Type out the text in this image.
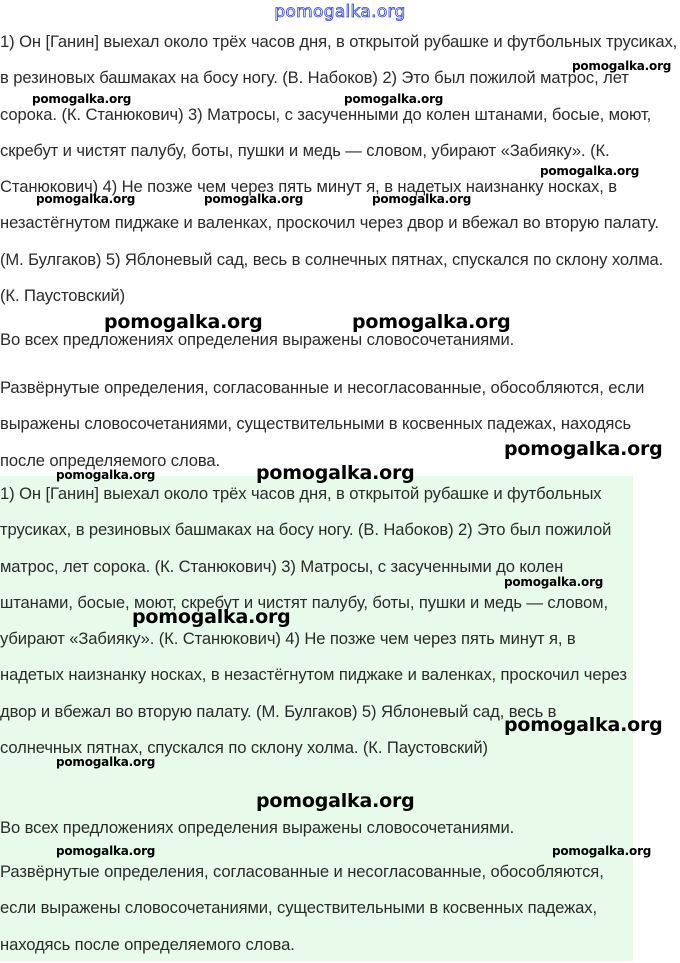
pomogalka.org

1) Он [Ганин] выехал около трёх часов дня, в открытой рубашке и футбольных трусиках, в резиновых башмаках на босу ногу. (В. Набоков) 2) Это был пожилой матрос, лет сорока. (К. Станюкович) 3) Матросы, с засученными до колен штанами, босые, моют, скребут и чистят палубу, боты, пушки и медь — словом, убирают «Забияку». (К. Станюкович) 4) Не позже чем через пять минут я, в надетых наизнанку носках, в незастёгнутом пиджаке и валенках, проскочил через двор и вбежал во вторую палату. (М. Булгаков) 5) Яблоневый сад, весь в солнечных пятнах, спускался по склону холма. (К. Паустовский)

Во всех предложениях определения выражены словосочетаниями.

Развёрнутые определения, согласованные и несогласованные, обособляются, если выражены словосочетаниями, существительными в косвенных падежах, находясь после определяемого слова.

1) Он [Ганин] выехал около трёх часов дня, в открытой рубашке и футбольных трусиках, в резиновых башмаках на босу ногу. (В. Набоков) 2) Это был пожилой матрос, лет сорока. (К. Станюкович) 3) Матросы, с засученными до колен штанами, босые, моют, скребут и чистят палубу, боты, пушки и медь — словом, убирают «Забияку». (К. Станюкович) 4) Не позже чем через пять минут я, в надетых наизнанку носках, в незастёгнутом пиджаке и валенках, проскочил через двор и вбежал во вторую палату. (М. Булгаков) 5) Яблоневый сад, весь в солнечных пятнах, спускался по склону холма. (К. Паустовский)

Во всех предложениях определения выражены словосочетаниями.

Развёрнутые определения, согласованные и несогласованные, обособляются, если выражены словосочетаниями, существительными в косвенных падежах, находясь после определяемого слова.

pomogalka.org
pomogalka.org	pomogalka.org
pomogalka.org
pomogalka.org	pomogalka.org	pomogalka.org
pomogalka.org	pomogalka.org
pomogalka.org
pomogalka.org	pomogalka.org
pomogalka.org
pomogalka.org
pomogalka.org
pomogalka.org
pomogalka.org
pomogalka.org	pomogalka.org
